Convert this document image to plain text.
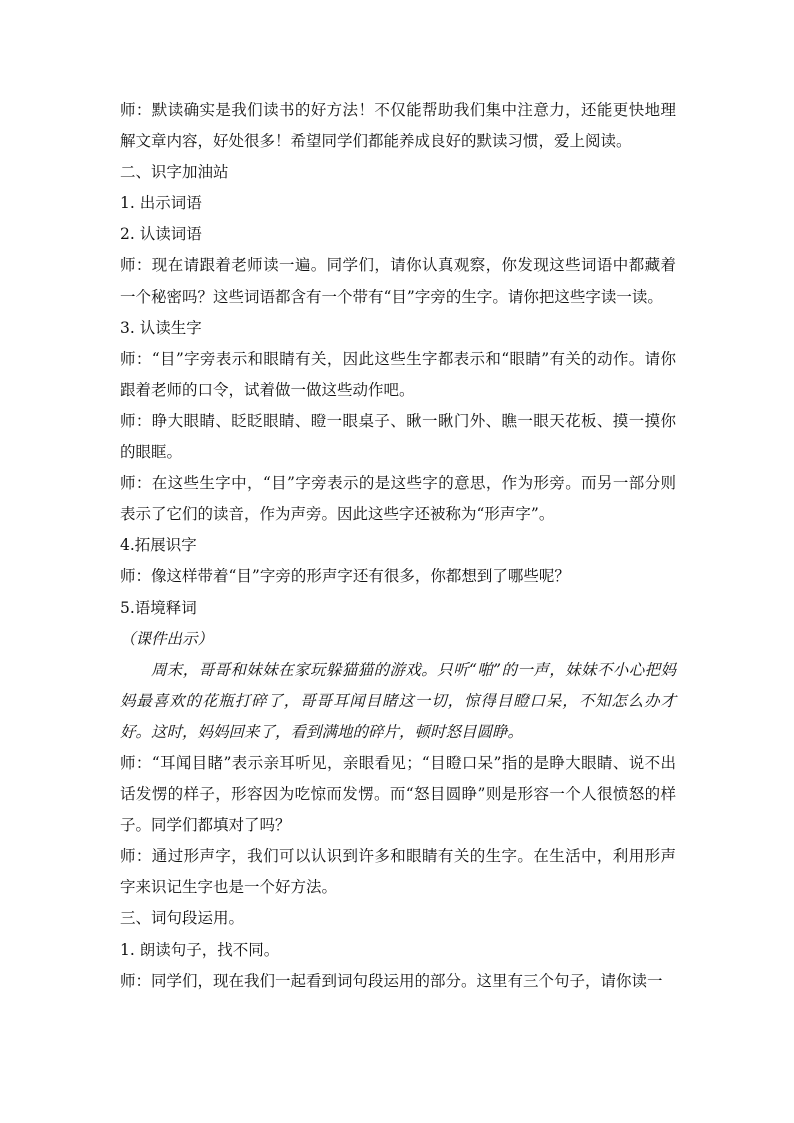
师：默读确实是我们读书的好方法！不仅能帮助我们集中注意力，还能更快地理解文章内容，好处很多！希望同学们都能养成良好的默读习惯，爱上阅读。

二、识字加油站

1. 出示词语

2. 认读词语

师：现在请跟着老师读一遍。同学们，请你认真观察，你发现这些词语中都藏着一个秘密吗？这些词语都含有一个带有“目”字旁的生字。请你把这些字读一读。

3. 认读生字

师：“目”字旁表示和眼睛有关，因此这些生字都表示和“眼睛”有关的动作。请你跟着老师的口令，试着做一做这些动作吧。

师：睁大眼睛、眨眨眼睛、瞪一眼桌子、瞅一瞅门外、瞧一眼天花板、摸一摸你的眼眶。

师：在这些生字中，“目”字旁表示的是这些字的意思，作为形旁。而另一部分则表示了它们的读音，作为声旁。因此这些字还被称为“形声字”。

4.拓展识字

师：像这样带着“目”字旁的形声字还有很多，你都想到了哪些呢？

5.语境释词

（课件出示）

周末，哥哥和妹妹在家玩躲猫猫的游戏。只听“啪”的一声，妹妹不小心把妈妈最喜欢的花瓶打碎了，哥哥耳闻目睹这一切，惊得目瞪口呆，不知怎么办才好。这时，妈妈回来了，看到满地的碎片，顿时怒目圆睁。

师：“耳闻目睹”表示亲耳听见，亲眼看见；“目瞪口呆”指的是睁大眼睛、说不出话发愣的样子，形容因为吃惊而发愣。而“怒目圆睁”则是形容一个人很愤怒的样子。同学们都填对了吗？

师：通过形声字，我们可以认识到许多和眼睛有关的生字。在生活中，利用形声字来识记生字也是一个好方法。

三、词句段运用。

1. 朗读句子，找不同。

师：同学们，现在我们一起看到词句段运用的部分。这里有三个句子，请你读一
